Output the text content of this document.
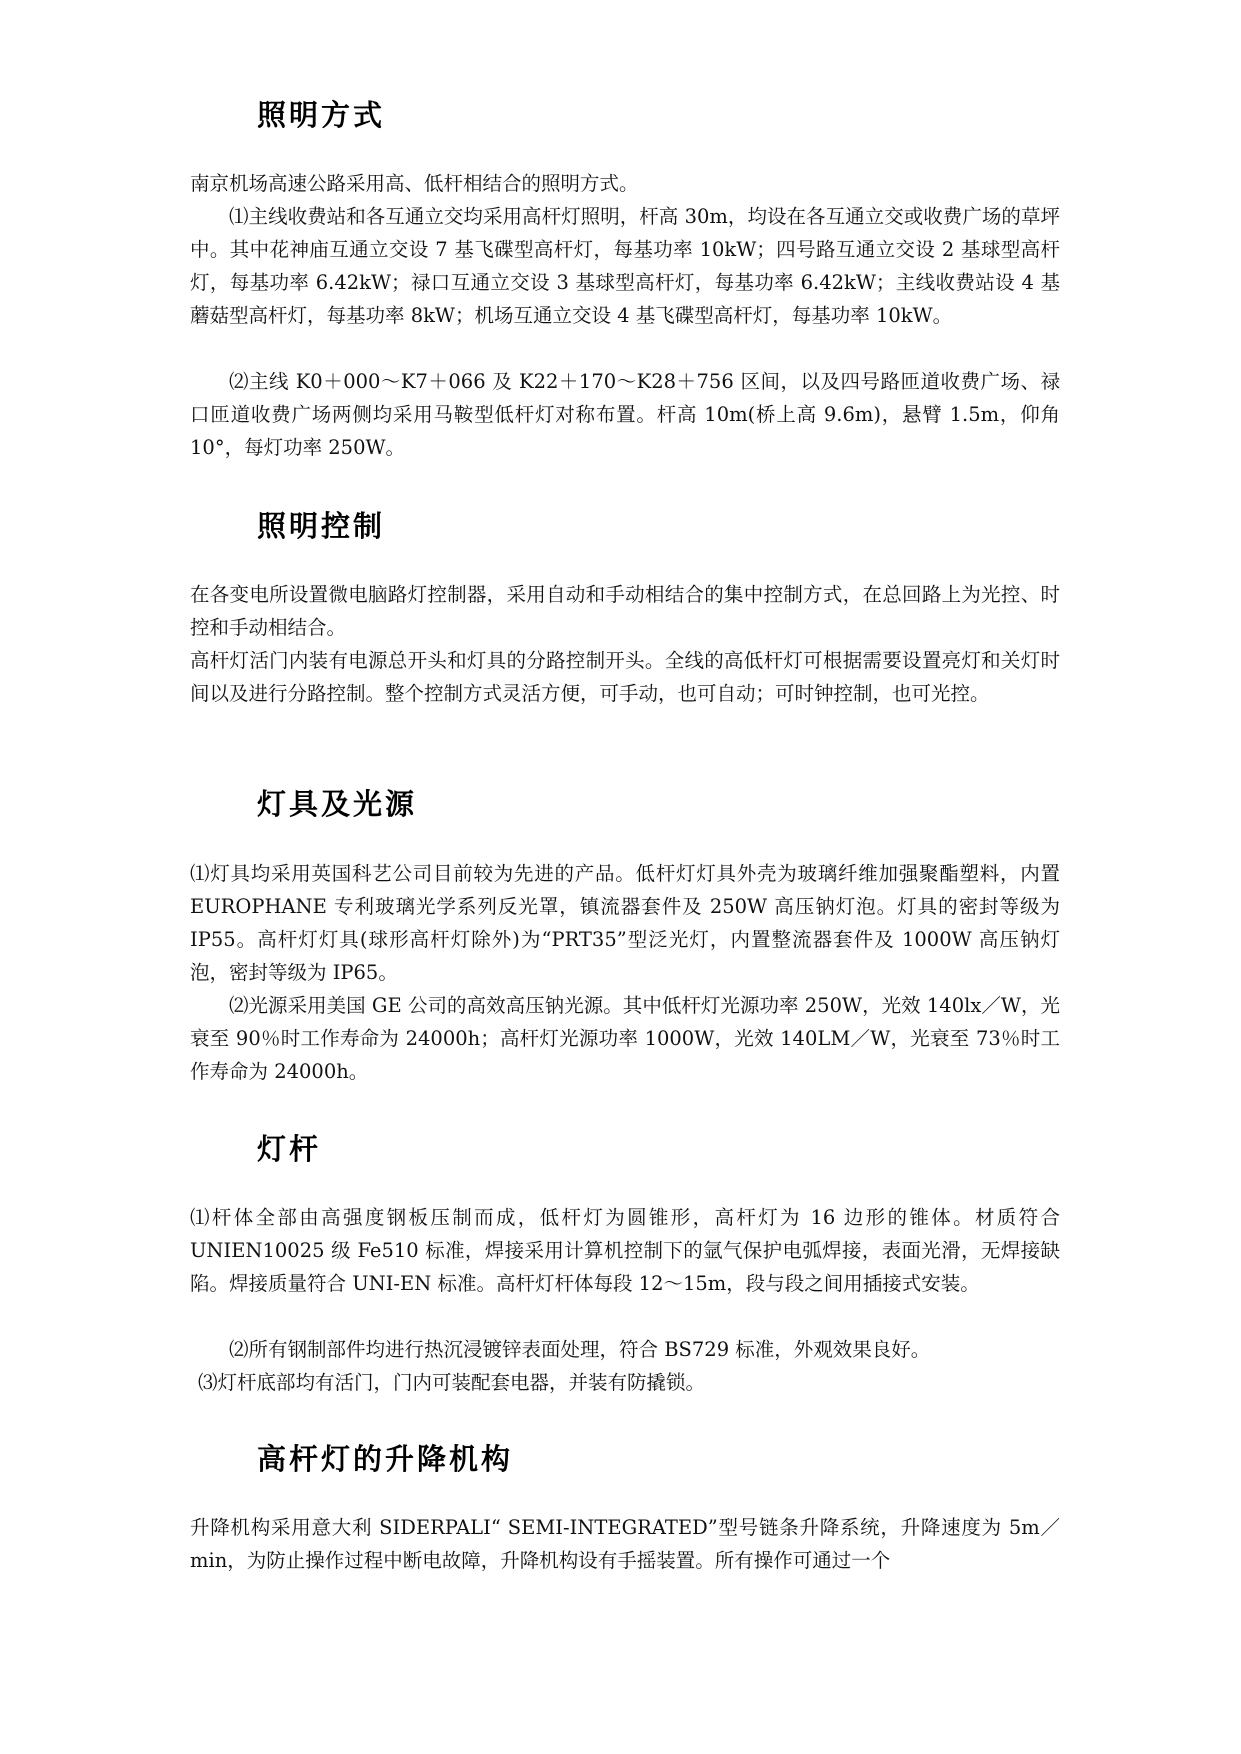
照明方式

南京机场高速公路采用高、低杆相结合的照明方式。

⑴主线收费站和各互通立交均采用高杆灯照明，杆高 30m，均设在各互通立交或收费广场的草坪中。其中花神庙互通立交设 7 基飞碟型高杆灯，每基功率 10kW；四号路互通立交设 2 基球型高杆灯，每基功率 6.42kW；禄口互通立交设 3 基球型高杆灯，每基功率 6.42kW；主线收费站设 4 基蘑菇型高杆灯，每基功率 8kW；机场互通立交设 4 基飞碟型高杆灯，每基功率 10kW。

⑵主线 K0＋000～K7＋066 及 K22＋170～K28＋756 区间，以及四号路匝道收费广场、禄口匝道收费广场两侧均采用马鞍型低杆灯对称布置。杆高 10m(桥上高 9.6m)，悬臂 1.5m，仰角 10°，每灯功率 250W。

照明控制

在各变电所设置微电脑路灯控制器，采用自动和手动相结合的集中控制方式，在总回路上为光控、时控和手动相结合。

高杆灯活门内装有电源总开头和灯具的分路控制开头。全线的高低杆灯可根据需要设置亮灯和关灯时间以及进行分路控制。整个控制方式灵活方便，可手动，也可自动；可时钟控制，也可光控。

灯具及光源

⑴灯具均采用英国科艺公司目前较为先进的产品。低杆灯灯具外壳为玻璃纤维加强聚酯塑料，内置 EUROPHANE 专利玻璃光学系列反光罩，镇流器套件及 250W 高压钠灯泡。灯具的密封等级为 IP55。高杆灯灯具(球形高杆灯除外)为“PRT35”型泛光灯，内置整流器套件及 1000W 高压钠灯泡，密封等级为 IP65。

⑵光源采用美国 GE 公司的高效高压钠光源。其中低杆灯光源功率 250W，光效 140lx／W，光衰至 90％时工作寿命为 24000h；高杆灯光源功率 1000W，光效 140LM／W，光衰至 73％时工作寿命为 24000h。

灯杆

⑴杆体全部由高强度钢板压制而成，低杆灯为圆锥形，高杆灯为 16 边形的锥体。材质符合 UNIEN10025 级 Fe510 标准，焊接采用计算机控制下的氩气保护电弧焊接，表面光滑，无焊接缺陷。焊接质量符合 UNI-EN 标准。高杆灯杆体每段 12～15m，段与段之间用插接式安装。

⑵所有钢制部件均进行热沉浸镀锌表面处理，符合 BS729 标准，外观效果良好。

⑶灯杆底部均有活门，门内可装配套电器，并装有防撬锁。

高杆灯的升降机构

升降机构采用意大利 SIDERPALI“ SEMI-INTEGRATED”型号链条升降系统，升降速度为 5m／min，为防止操作过程中断电故障，升降机构设有手摇装置。所有操作可通过一个
